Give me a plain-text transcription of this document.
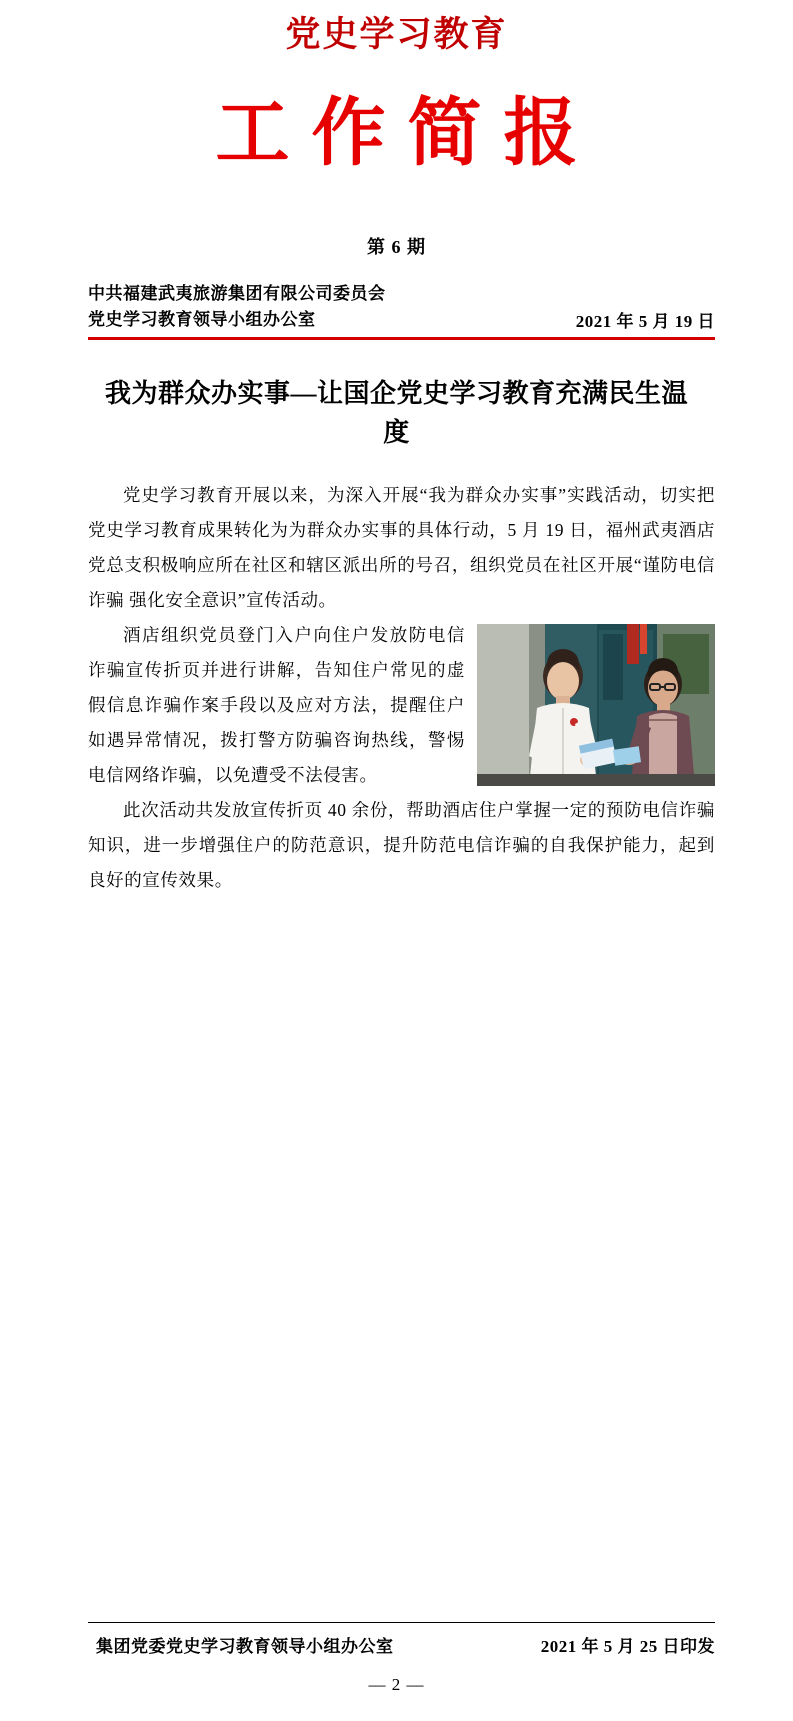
党史学习教育
工作简报
第 6 期
中共福建武夷旅游集团有限公司委员会
党史学习教育领导小组办公室	2021 年 5 月 19 日
我为群众办实事—让国企党史学习教育充满民生温度

党史学习教育开展以来，为深入开展“我为群众办实事”实践活动，切实把党史学习教育成果转化为为群众办实事的具体行动，5 月 19 日，福州武夷酒店党总支积极响应所在社区和辖区派出所的号召，组织党员在社区开展“谨防电信诈骗 强化安全意识”宣传活动。

酒店组织党员登门入户向住户发放防电信诈骗宣传折页并进行讲解，告知住户常见的虚假信息诈骗作案手段以及应对方法，提醒住户如遇异常情况，拨打警方防骗咨询热线，警惕电信网络诈骗，以免遭受不法侵害。

此次活动共发放宣传折页 40 余份，帮助酒店住户掌握一定的预防电信诈骗知识，进一步增强住户的防范意识，提升防范电信诈骗的自我保护能力，起到良好的宣传效果。

集团党委党史学习教育领导小组办公室	2021 年 5 月 25 日印发
— 2 —
